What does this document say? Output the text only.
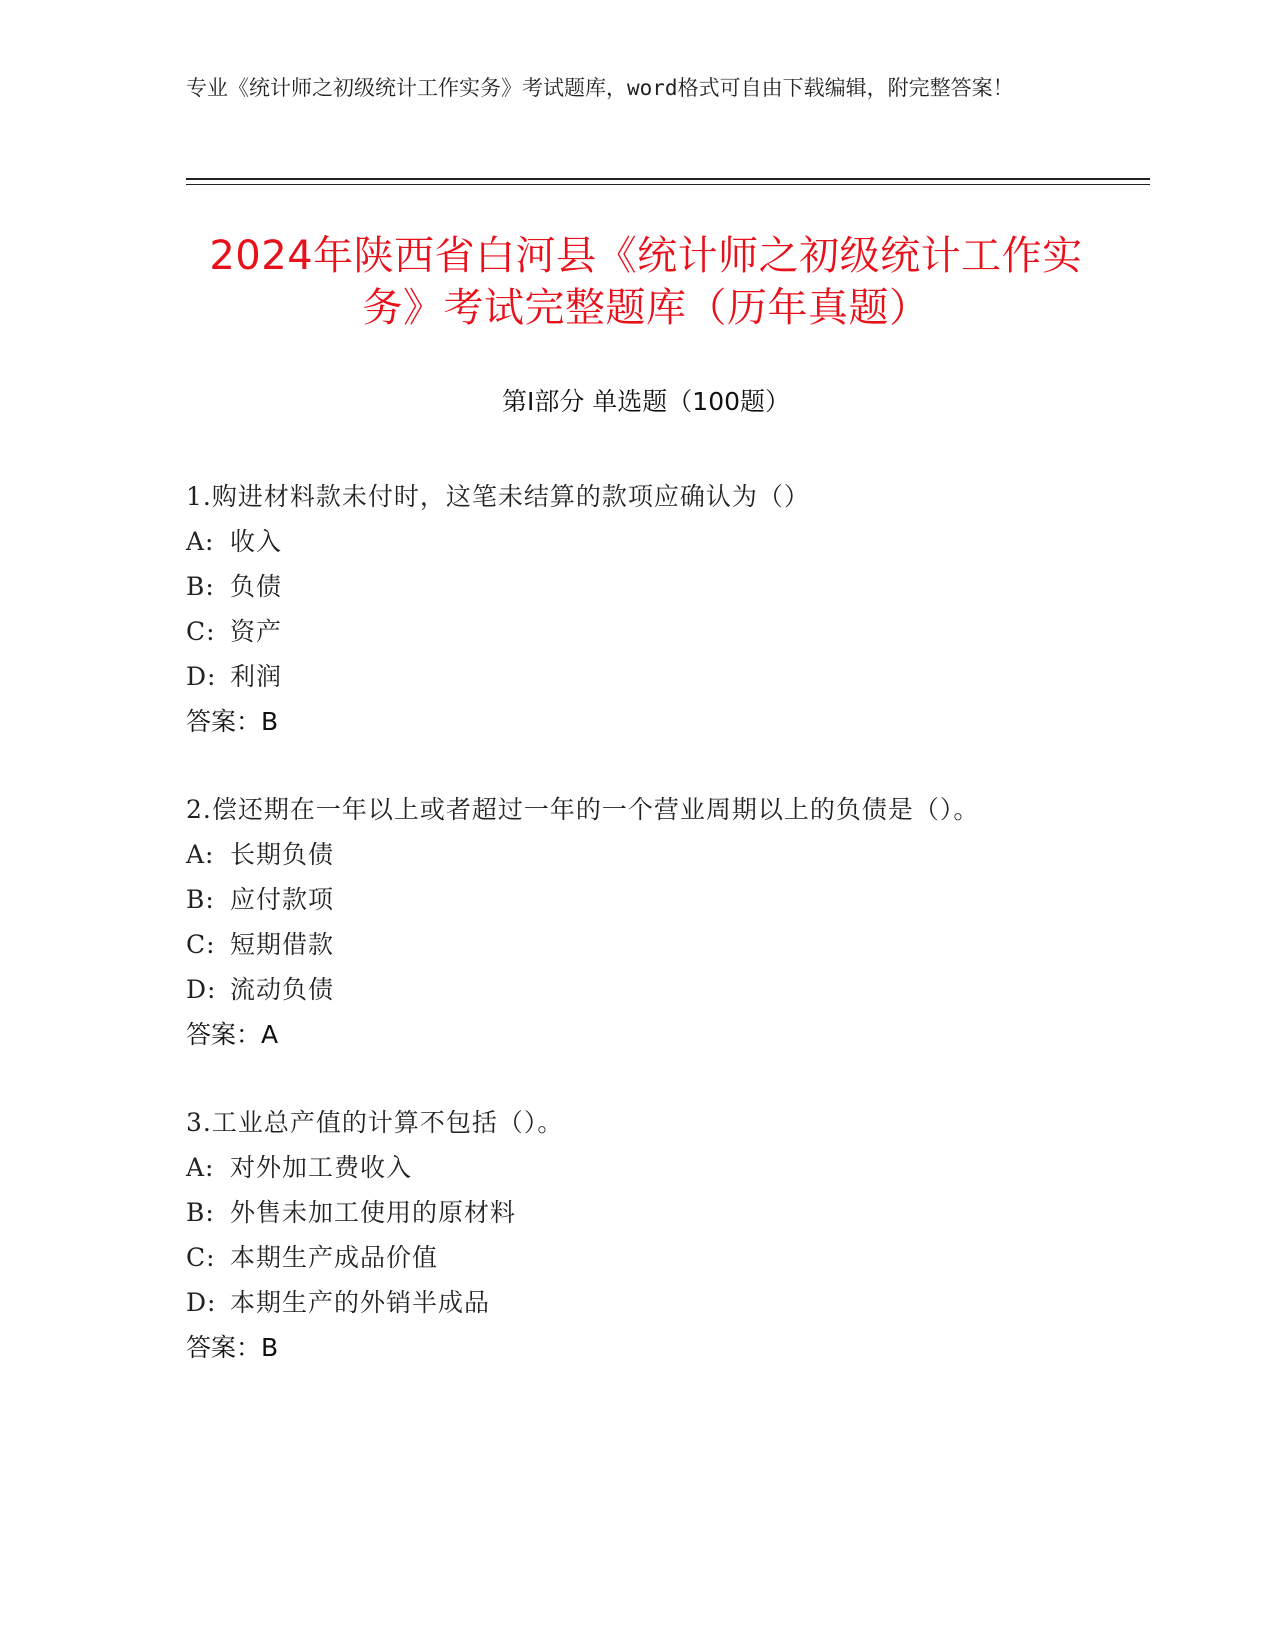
专业《统计师之初级统计工作实务》考试题库，word格式可自由下载编辑，附完整答案！
2024年陕西省白河县《统计师之初级统计工作实务》考试完整题库（历年真题）
第I部分 单选题（100题）
1.购进材料款未付时，这笔未结算的款项应确认为（）
A: 收入
B: 负债
C: 资产
D: 利润
答案：B
2.偿还期在一年以上或者超过一年的一个营业周期以上的负债是（）。
A: 长期负债
B: 应付款项
C: 短期借款
D: 流动负债
答案：A
3.工业总产值的计算不包括（）。
A: 对外加工费收入
B: 外售未加工使用的原材料
C: 本期生产成品价值
D: 本期生产的外销半成品
答案：B
